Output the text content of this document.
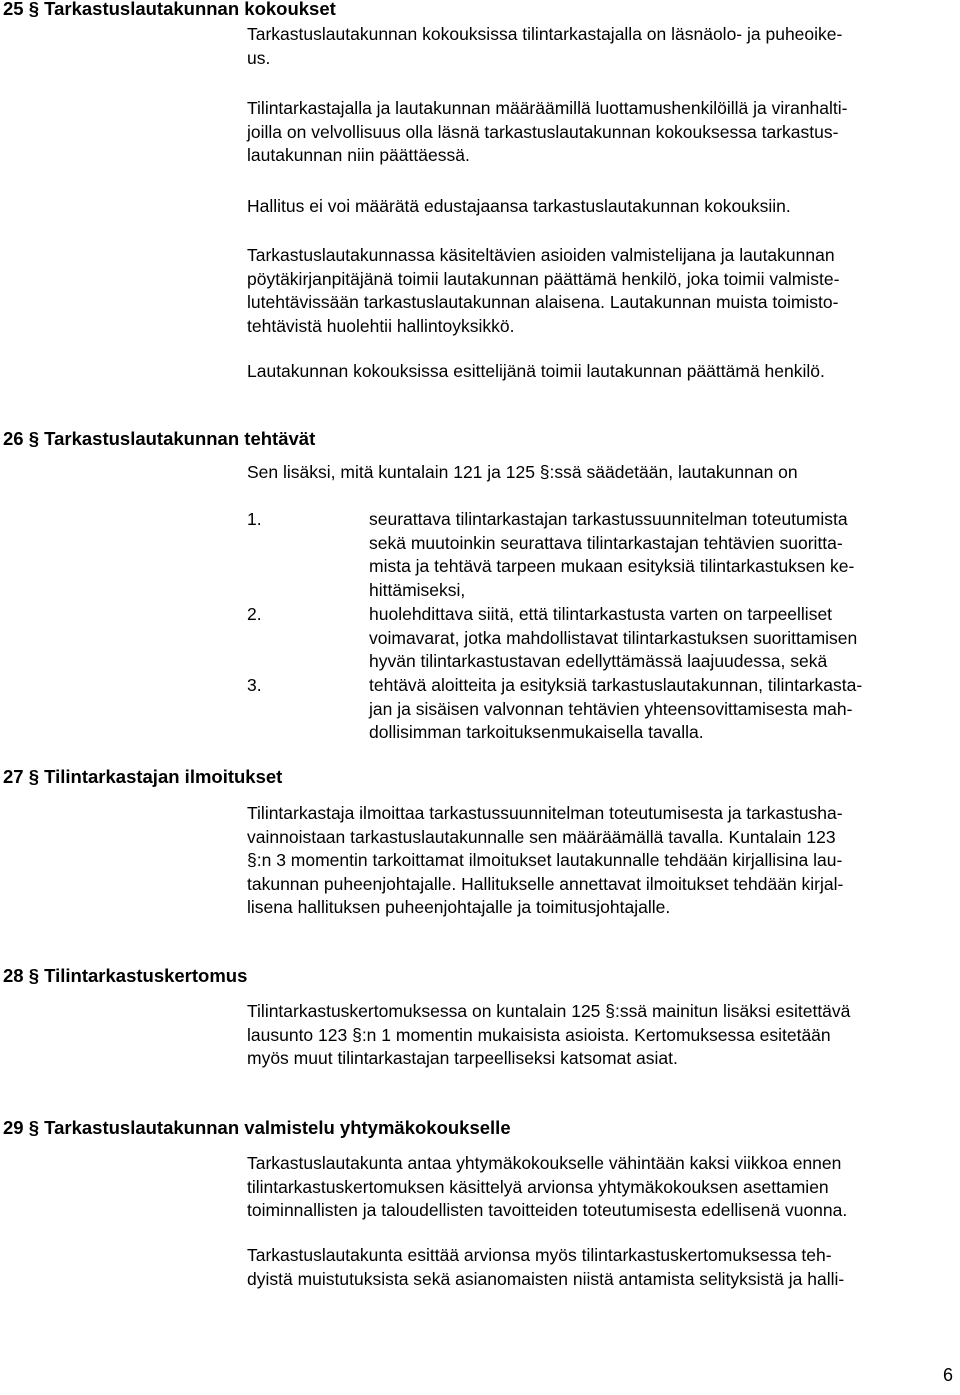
25 § Tarkastuslautakunnan kokoukset
26 § Tarkastuslautakunnan tehtävät
27 § Tilintarkastajan ilmoitukset
28 § Tilintarkastuskertomus
29 § Tarkastuslautakunnan valmistelu yhtymäkokoukselle
Tarkastuslautakunnan kokouksissa tilintarkastajalla on läsnäolo- ja puheoike-
us.
Tilintarkastajalla ja lautakunnan määräämillä luottamushenkilöillä ja viranhalti-
joilla on velvollisuus olla läsnä tarkastuslautakunnan kokouksessa tarkastus-
lautakunnan niin päättäessä.
Hallitus ei voi määrätä edustajaansa tarkastuslautakunnan kokouksiin.
Tarkastuslautakunnassa käsiteltävien asioiden valmistelijana ja lautakunnan
pöytäkirjanpitäjänä toimii lautakunnan päättämä henkilö, joka toimii valmiste-
lutehtävissään tarkastuslautakunnan alaisena. Lautakunnan muista toimisto-
tehtävistä huolehtii hallintoyksikkö.
Lautakunnan kokouksissa esittelijänä toimii lautakunnan päättämä henkilö.
Sen lisäksi, mitä kuntalain 121 ja 125 §:ssä säädetään, lautakunnan on
1.	seurattava tilintarkastajan tarkastussuunnitelman toteutumista
sekä muutoinkin seurattava tilintarkastajan tehtävien suoritta-
mista ja tehtävä tarpeen mukaan esityksiä tilintarkastuksen ke-
hittämiseksi,
2.	huolehdittava siitä, että tilintarkastusta varten on tarpeelliset
voimavarat, jotka mahdollistavat tilintarkastuksen suorittamisen
hyvän tilintarkastustavan edellyttämässä laajuudessa, sekä
3.	tehtävä aloitteita ja esityksiä tarkastuslautakunnan, tilintarkasta-
jan ja sisäisen valvonnan tehtävien yhteensovittamisesta mah-
dollisimman tarkoituksenmukaisella tavalla.
Tilintarkastaja ilmoittaa tarkastussuunnitelman toteutumisesta ja tarkastusha-
vainnoistaan tarkastuslautakunnalle sen määräämällä tavalla. Kuntalain 123
§:n 3 momentin tarkoittamat ilmoitukset lautakunnalle tehdään kirjallisina lau-
takunnan puheenjohtajalle. Hallitukselle annettavat ilmoitukset tehdään kirjal-
lisena hallituksen puheenjohtajalle ja toimitusjohtajalle.
Tilintarkastuskertomuksessa on kuntalain 125 §:ssä mainitun lisäksi esitettävä
lausunto 123 §:n 1 momentin mukaisista asioista. Kertomuksessa esitetään
myös muut tilintarkastajan tarpeelliseksi katsomat asiat.
Tarkastuslautakunta antaa yhtymäkokoukselle vähintään kaksi viikkoa ennen
tilintarkastuskertomuksen käsittelyä arvionsa yhtymäkokouksen asettamien
toiminnallisten ja taloudellisten tavoitteiden toteutumisesta edellisenä vuonna.
Tarkastuslautakunta esittää arvionsa myös tilintarkastuskertomuksessa teh-
dyistä muistutuksista sekä asianomaisten niistä antamista selityksistä ja halli-
6
